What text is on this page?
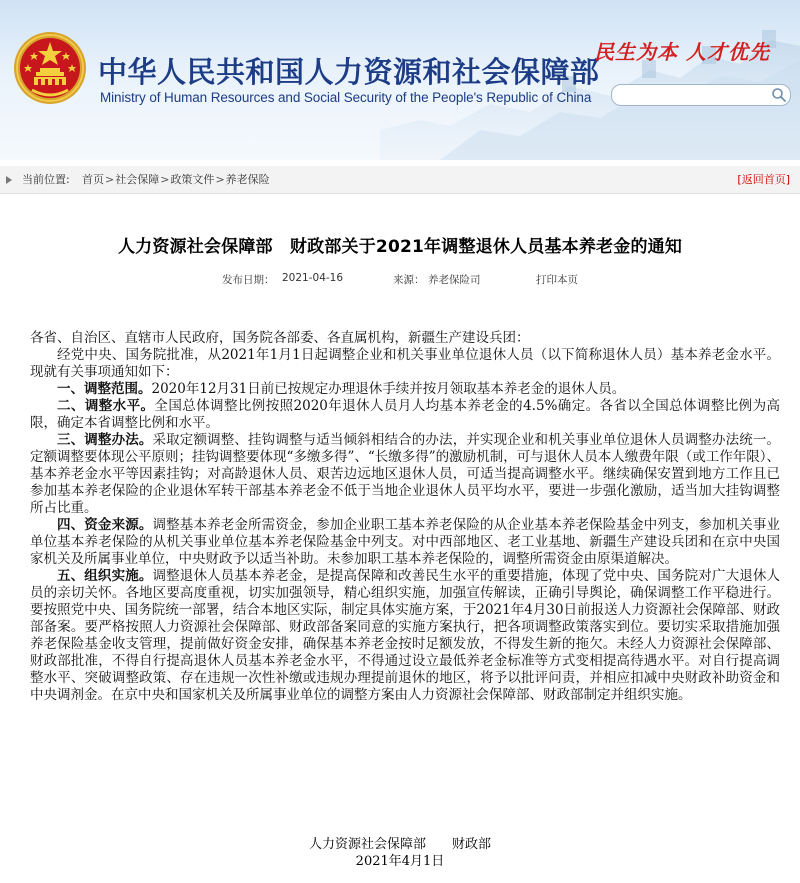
中华人民共和国人力资源和社会保障部
Ministry of Human Resources and Social Security of the People's Republic of China
民生为本 人才优先
当前位置: 首页>社会保障>政策文件>养老保险	[返回首页]
人力资源社会保障部　财政部关于2021年调整退休人员基本养老金的通知
发布日期： 2021-04-16	来源： 养老保险司	打印本页

各省、自治区、直辖市人民政府，国务院各部委、各直属机构，新疆生产建设兵团：

经党中央、国务院批准，从2021年1月1日起调整企业和机关事业单位退休人员（以下简称退休人员）基本养老金水平。现就有关事项通知如下：

一、调整范围。2020年12月31日前已按规定办理退休手续并按月领取基本养老金的退休人员。

二、调整水平。全国总体调整比例按照2020年退休人员月人均基本养老金的4.5%确定。各省以全国总体调整比例为高限，确定本省调整比例和水平。

三、调整办法。采取定额调整、挂钩调整与适当倾斜相结合的办法，并实现企业和机关事业单位退休人员调整办法统一。定额调整要体现公平原则；挂钩调整要体现“多缴多得”、“长缴多得”的激励机制，可与退休人员本人缴费年限（或工作年限）、基本养老金水平等因素挂钩；对高龄退休人员、艰苦边远地区退休人员，可适当提高调整水平。继续确保安置到地方工作且已参加基本养老保险的企业退休军转干部基本养老金不低于当地企业退休人员平均水平，要进一步强化激励，适当加大挂钩调整所占比重。

四、资金来源。调整基本养老金所需资金，参加企业职工基本养老保险的从企业基本养老保险基金中列支，参加机关事业单位基本养老保险的从机关事业单位基本养老保险基金中列支。对中西部地区、老工业基地、新疆生产建设兵团和在京中央国家机关及所属事业单位，中央财政予以适当补助。未参加职工基本养老保险的，调整所需资金由原渠道解决。

五、组织实施。调整退休人员基本养老金，是提高保障和改善民生水平的重要措施，体现了党中央、国务院对广大退休人员的亲切关怀。各地区要高度重视，切实加强领导，精心组织实施，加强宣传解读，正确引导舆论，确保调整工作平稳进行。要按照党中央、国务院统一部署，结合本地区实际，制定具体实施方案，于2021年4月30日前报送人力资源社会保障部、财政部备案。要严格按照人力资源社会保障部、财政部备案同意的实施方案执行，把各项调整政策落实到位。要切实采取措施加强养老保险基金收支管理，提前做好资金安排，确保基本养老金按时足额发放，不得发生新的拖欠。未经人力资源社会保障部、财政部批准，不得自行提高退休人员基本养老金水平，不得通过设立最低养老金标准等方式变相提高待遇水平。对自行提高调整水平、突破调整政策、存在违规一次性补缴或违规办理提前退休的地区，将予以批评问责，并相应扣减中央财政补助资金和中央调剂金。在京中央和国家机关及所属事业单位的调整方案由人力资源社会保障部、财政部制定并组织实施。

人力资源社会保障部　　财政部
2021年4月1日
